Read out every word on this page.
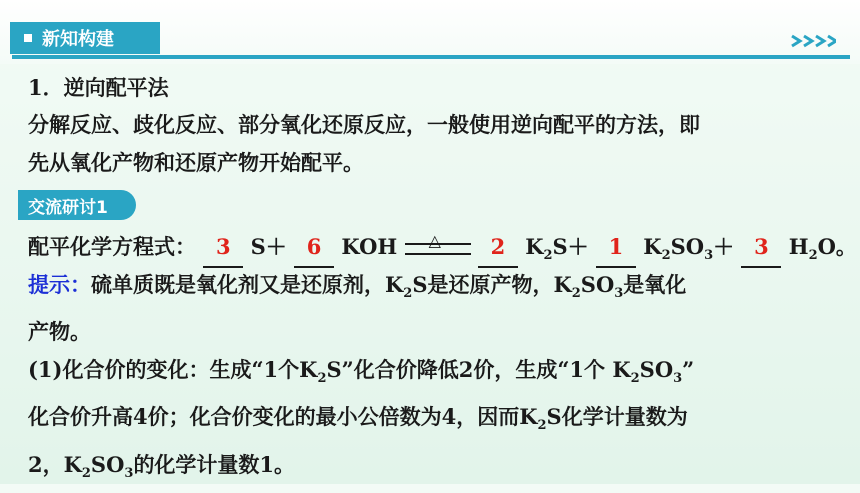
新知构建
1．逆向配平法
分解反应、歧化反应、部分氧化还原反应，一般使用逆向配平的方法，即
先从氧化产物和还原产物开始配平。
交流研讨1
配平化学方程式： 3 S＋ 6 KOH △ 2 $K_2S+ 1$ $K_2SO_3+ 3$ $H_2O$。
提示：硫单质既是氧化剂又是还原剂，$K_2S$是还原产物，$K_2SO_3$是氧化
产物。
(1)化合价的变化：生成“1个$K_2S$”化合价降低2价，生成“1个 $K_2SO_3$”
化合价升高4价；化合价变化的最小公倍数为4，因而$K_2S$化学计量数为
2，$K_2SO_3$的化学计量数1。
